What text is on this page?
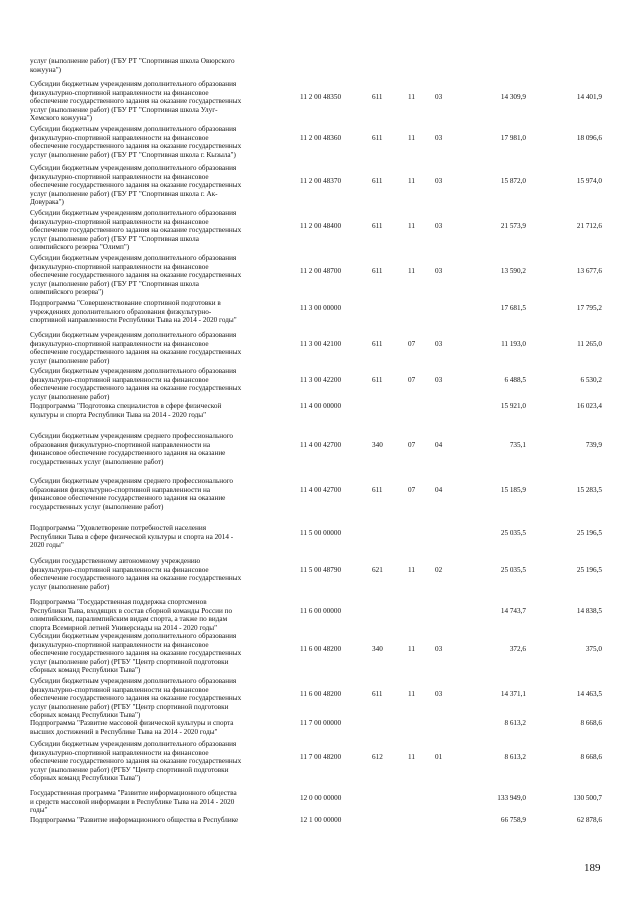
услуг (выполнение работ) (ГБУ РТ "Спортивная школа Овюрского
кожууна")
Субсидии бюджетным учреждениям дополнительного образования
физкультурно-спортивной направленности на финансовое
обеспечение государственного задания на оказание государственных
услуг (выполнение работ) (ГБУ РТ "Спортивная школа Улуг-
Хемского кожууна")
11 2 00 48350	611	11	03	14 309,9	14 401,9
Субсидии бюджетным учреждениям дополнительного образования
физкультурно-спортивной направленности на финансовое
обеспечение государственного задания на оказание государственных
услуг (выполнение работ) (ГБУ РТ "Спортивная школа г. Кызыла")
11 2 00 48360	611	11	03	17 981,0	18 096,6
Субсидии бюджетным учреждениям дополнительного образования
физкультурно-спортивной направленности на финансовое
обеспечение государственного задания на оказание государственных
услуг (выполнение работ) (ГБУ РТ "Спортивная школа г. Ак-
Довурака")
11 2 00 48370	611	11	03	15 872,0	15 974,0
Субсидии бюджетным учреждениям дополнительного образования
физкультурно-спортивной направленности на финансовое
обеспечение государственного задания на оказание государственных
услуг (выполнение работ) (ГБУ РТ "Спортивная школа
олимпийского резерва "Олимп")
11 2 00 48400	611	11	03	21 573,9	21 712,6
Субсидии бюджетным учреждениям дополнительного образования
физкультурно-спортивной направленности на финансовое
обеспечение государственного задания на оказание государственных
услуг (выполнение работ) (ГБУ РТ "Спортивная школа
олимпийского резерва")
11 2 00 48700	611	11	03	13 590,2	13 677,6
Подпрограмма "Совершенствование спортивной подготовки в
учреждениях дополнительного образования физкультурно-
спортивной направленности Республики Тыва на 2014 - 2020 годы"
11 3 00 00000	17 681,5	17 795,2
Субсидии бюджетным учреждениям дополнительного образования
физкультурно-спортивной направленности на финансовое
обеспечение государственного задания на оказание государственных
услуг (выполнение работ)
11 3 00 42100	611	07	03	11 193,0	11 265,0
Субсидии бюджетным учреждениям дополнительного образования
физкультурно-спортивной направленности на финансовое
обеспечение государственного задания на оказание государственных
услуг (выполнение работ)
11 3 00 42200	611	07	03	6 488,5	6 530,2
Подпрограмма "Подготовка специалистов в сфере физической
культуры и спорта Республики Тыва на 2014 - 2020 годы"
11 4 00 00000	15 921,0	16 023,4
Субсидии бюджетным учреждениям среднего профессионального
образования физкультурно-спортивной направленности на
финансовое обеспечение государственного задания на оказание
государственных услуг (выполнение работ)
11 4 00 42700	340	07	04	735,1	739,9
Субсидии бюджетным учреждениям среднего профессионального
образования физкультурно-спортивной направленности на
финансовое обеспечение государственного задания на оказание
государственных услуг (выполнение работ)
11 4 00 42700	611	07	04	15 185,9	15 283,5
Подпрограмма "Удовлетворение потребностей населения
Республики Тыва в сфере физической культуры и спорта на 2014 -
2020 годы"
11 5 00 00000	25 035,5	25 196,5
Субсидии государственному автономному учреждению
физкультурно-спортивной направленности на финансовое
обеспечение государственного задания на оказание государственных
услуг (выполнение работ)
11 5 00 48790	621	11	02	25 035,5	25 196,5
Подпрограмма "Государственная поддержка спортсменов
Республики Тыва, входящих в состав сборной команды России по
олимпийским, паралимпийским видам спорта, а также по видам
спорта Всемирной летней Универсиады на 2014 - 2020 годы"
11 6 00 00000	14 743,7	14 838,5
Субсидии бюджетным учреждениям дополнительного образования
физкультурно-спортивной направленности на финансовое
обеспечение государственного задания на оказание государственных
услуг (выполнение работ) (РГБУ "Центр спортивной подготовки
сборных команд Республики Тыва")
11 6 00 48200	340	11	03	372,6	375,0
Субсидии бюджетным учреждениям дополнительного образования
физкультурно-спортивной направленности на финансовое
обеспечение государственного задания на оказание государственных
услуг (выполнение работ) (РГБУ "Центр спортивной подготовки
сборных команд Республики Тыва")
11 6 00 48200	611	11	03	14 371,1	14 463,5
Подпрограмма "Развитие массовой физической культуры и спорта
высших достижений в Республике Тыва на 2014 - 2020 годы"
11 7 00 00000	8 613,2	8 668,6
Субсидии бюджетным учреждениям дополнительного образования
физкультурно-спортивной направленности на финансовое
обеспечение государственного задания на оказание государственных
услуг (выполнение работ) (РГБУ "Центр спортивной подготовки
сборных команд Республики Тыва")
11 7 00 48200	612	11	01	8 613,2	8 668,6
Государственная программа "Развитие информационного общества
и средств массовой информации в Республике Тыва на 2014 - 2020
годы"
12 0 00 00000	133 949,0	130 500,7
Подпрограмма "Развитие информационного общества в Республике	12 1 00 00000	66 758,9	62 878,6
189
